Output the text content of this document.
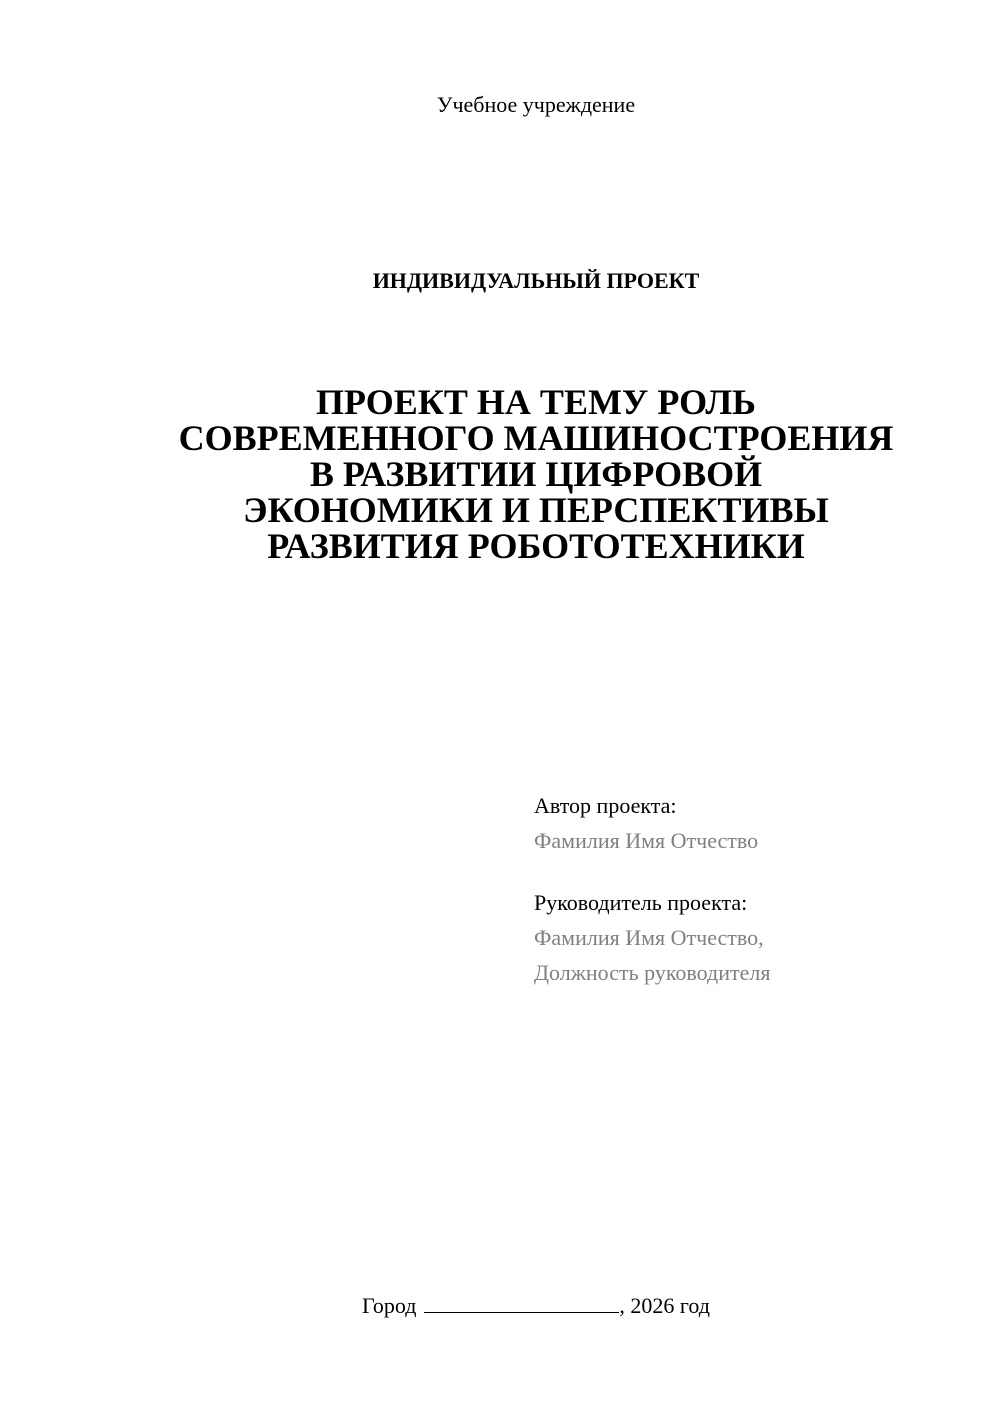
Учебное учреждение
ИНДИВИДУАЛЬНЫЙ ПРОЕКТ
ПРОЕКТ НА ТЕМУ РОЛЬ
СОВРЕМЕННОГО МАШИНОСТРОЕНИЯ
В РАЗВИТИИ ЦИФРОВОЙ
ЭКОНОМИКИ И ПЕРСПЕКТИВЫ
РАЗВИТИЯ РОБОТОТЕХНИКИ
Автор проекта:
Фамилия Имя Отчество
Руководитель проекта:
Фамилия Имя Отчество,
Должность руководителя
Город	, 2026 год
